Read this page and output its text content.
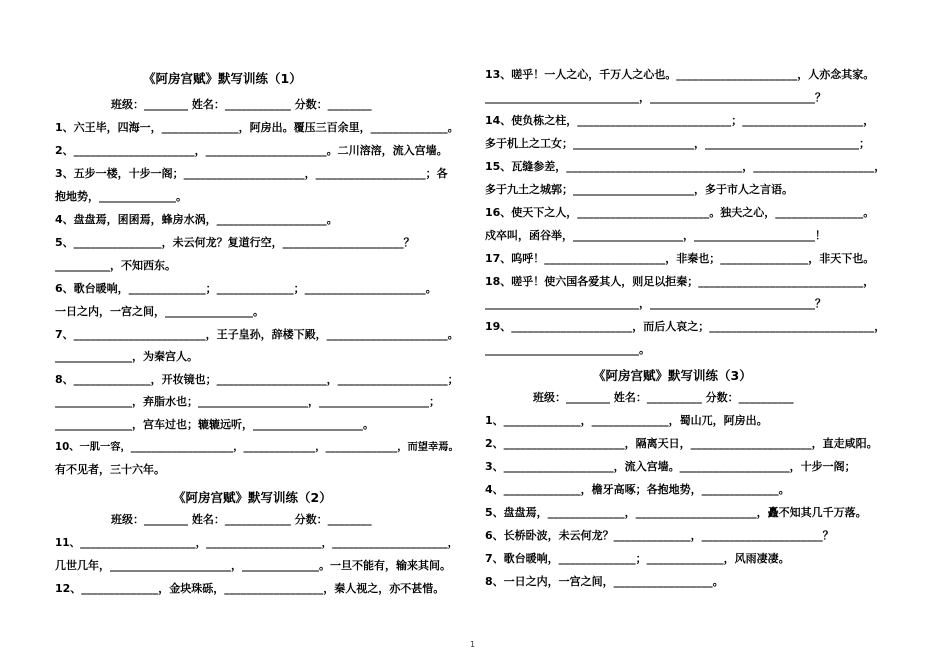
《阿房宫赋》默写训练（1）
班级：________ 姓名：____________ 分数：________
1、六王毕，四海一，______________，阿房出。覆压三百余里，______________。
2、______________________，______________________。二川溶溶，流入宫墙。
3、五步一楼，十步一阁；______________________，____________________；各
抱地势，______________。
4、盘盘焉，囷囷焉，蜂房水涡，____________________。
5、________________，未云何龙？复道行空，______________________？
__________，不知西东。
6、歌台暖响，______________；______________；______________________。
一日之内，一宫之间，________________。
7、________________________，王子皇孙，辞楼下殿，______________________。
______________，为秦宫人。
8、______________，开妆镜也；____________________，____________________；
______________，弃脂水也；____________________，____________________；
______________，宫车过也；辘辘远听，____________________。
10、一肌一容，____________________，______________，______________，而望幸焉。
有不见者，三十六年。
《阿房宫赋》默写训练（2）
班级：________ 姓名：____________ 分数：________
11、______________________，______________________，______________________，
几世几年，______________________，______________。一旦不能有，输来其间。
12、______________，金块珠砾，__________________，秦人视之，亦不甚惜。
13、嗟乎！一人之心，千万人之心也。______________________，人亦念其家。
____________________________，______________________________？
14、使负栋之柱，____________________________；______________________，
多于机上之工女；______________________，____________________________；
15、瓦缝参差，________________________________，______________________，
多于九土之城郭；______________________，多于市人之言语。
16、使天下之人，________________________。独夫之心，________________。
戍卒叫，函谷举，____________________，______________________！
17、呜呼！______________________，非秦也；________________，非天下也。
18、嗟乎！使六国各爱其人，则足以拒秦；______________________________，
____________________________，______________________________？
19、______________________，而后人哀之；______________________________，
____________________________。
《阿房宫赋》默写训练（3）
班级：________ 姓名：__________ 分数：__________
1、______________，______________，蜀山兀，阿房出。
2、______________________，隔离天日，______________________，直走咸阳。
3、____________________，流入宫墙。____________________，十步一阁；
4、______________，檐牙高啄；各抱地势，______________。
5、盘盘焉，______________，______________________，矗不知其几千万落。
6、长桥卧波，未云何龙？______________，______________________？
7、歌台暖响，______________；______________，风雨凄凄。
8、一日之内，一宫之间，__________________。
1
